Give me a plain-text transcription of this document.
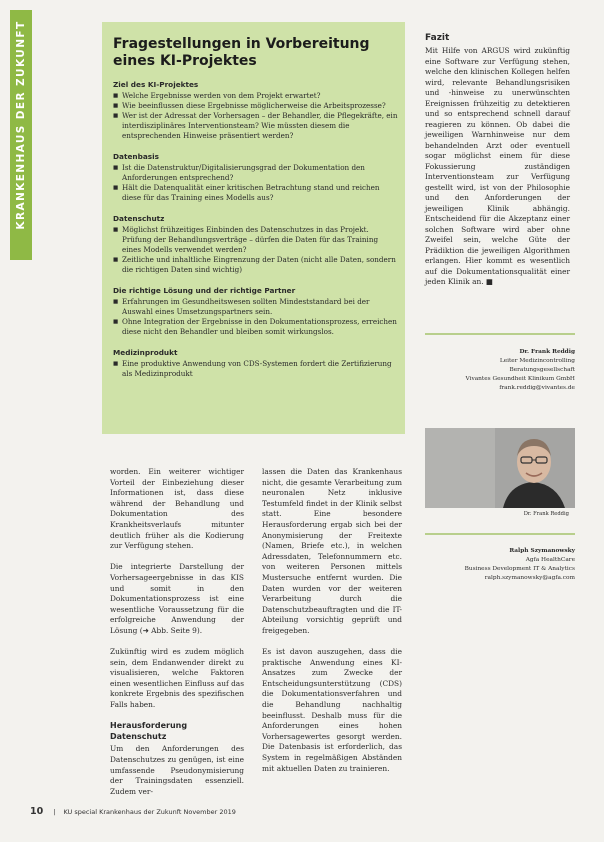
KRANKENHAUS DER ZUKUNFT	Fragestellungen in Vorbereitung eines KI-Projektes
Ziel des KI-Projektes
■ Welche Ergebnisse werden von dem Projekt erwartet?
■ Wie beeinflussen diese Ergebnisse möglicherweise die Arbeitsprozesse?
■ Wer ist der Adressat der Vorhersagen – der Behandler, die Pflegekräfte, ein interdisziplinäres Interventionsteam? Wie müssten diesem die entsprechenden Hinweise präsentiert werden?
Datenbasis
■ Ist die Datenstruktur/Digitalisierungsgrad der Dokumentation den Anforderungen entsprechend?
■ Hält die Datenqualität einer kritischen Betrachtung stand und reichen diese für das Training eines Modells aus?
Datenschutz
■ Möglichst frühzeitiges Einbinden des Datenschutzes in das Projekt. Prüfung der Behandlungsverträge – dürfen die Daten für das Training eines Modells verwendet werden?
■ Zeitliche und inhaltliche Eingrenzung der Daten (nicht alle Daten, sondern die richtigen Daten sind wichtig)
Die richtige Lösung und der richtige Partner
■ Erfahrungen im Gesundheitswesen sollten Mindeststandard bei der Auswahl eines Umsetzungspartners sein.
■ Ohne Integration der Ergebnisse in den Dokumentationsprozess, erreichen diese nicht den Behandler und bleiben somit wirkungslos.
Medizinprodukt
■ Eine produktive Anwendung von CDS-Systemen fordert die Zertifizierung als Medizinprodukt

worden. Ein weiterer wichtiger Vorteil der Einbeziehung dieser Informationen ist, dass diese während der Behandlung und Dokumentation des Krankheitsverlaufs mitunter deutlich früher als die Kodierung zur Verfügung stehen.

Die integrierte Darstellung der Vorhersageergebnisse in das KIS und somit in den Dokumentationsprozess ist eine wesentliche Voraussetzung für die erfolgreiche Anwendung der Lösung (➜ Abb. Seite 9).

Zukünftig wird es zudem möglich sein, dem Endanwender direkt zu visualisieren, welche Faktoren einen wesentlichen Einfluss auf das konkrete Ergebnis des spezifischen Falls haben.

Herausforderung Datenschutz

Um den Anforderungen des Datenschutzes zu genügen, ist eine umfassende Pseudonymisierung der Trainingsdaten essenziell. Zudem ver-

lassen die Daten das Krankenhaus nicht, die gesamte Verarbeitung zum neuronalen Netz inklusive Testumfeld findet in der Klinik selbst statt. Eine besondere Herausforderung ergab sich bei der Anonymisierung der Freitexte (Namen, Briefe etc.), in welchen Adressdaten, Telefonnummern etc. von weiteren Personen mittels Mustersuche entfernt wurden. Die Daten wurden vor der weiteren Verarbeitung durch die Datenschutzbeauftragten und die IT-Abteilung vorsichtig geprüft und freigegeben.

Es ist davon auszugehen, dass die praktische Anwendung eines KI-Ansatzes zum Zwecke der Entscheidungsunterstützung (CDS) die Dokumentationsverfahren und die Behandlung nachhaltig beeinflusst. Deshalb muss für die Anforderungen eines hohen Vorhersagewertes gesorgt werden. Die Datenbasis ist erforderlich, das System in regelmäßigen Abständen mit aktuellen Daten zu trainieren.

Fazit

Mit Hilfe von ARGUS wird zukünftig eine Software zur Verfügung stehen, welche den klinischen Kollegen helfen wird, relevante Behandlungsrisiken und -hinweise zu unerwünschten Ereignissen frühzeitig zu detektieren und so entsprechend schnell darauf reagieren zu können. Ob dabei die jeweiligen Warnhinweise nur dem behandelnden Arzt oder eventuell sogar möglichst einem für diese Fokussierung zuständigen Interventionsteam zur Verfügung gestellt wird, ist von der Philosophie und den Anforderungen der jeweiligen Klinik abhängig. Entscheidend für die Akzeptanz einer solchen Software wird aber ohne Zweifel sein, welche Güte der Prädiktion die jeweiligen Algorithmen erlangen. Hier kommt es wesentlich auf die Dokumentationsqualität einer jeden Klinik an. ■

Dr. Frank Reddig
Leiter Medizincontrolling
Beratungsgesellschaft
Vivantes Gesundheit Klinikum GmbH
frank.reddig@vivantes.de
Dr. Frank Reddig
Ralph Szymanowsky
Agfa HealthCare
Business Development IT & Analytics
ralph.szymanowsky@agfa.com
10 | KU special Krankenhaus der Zukunft November 2019
